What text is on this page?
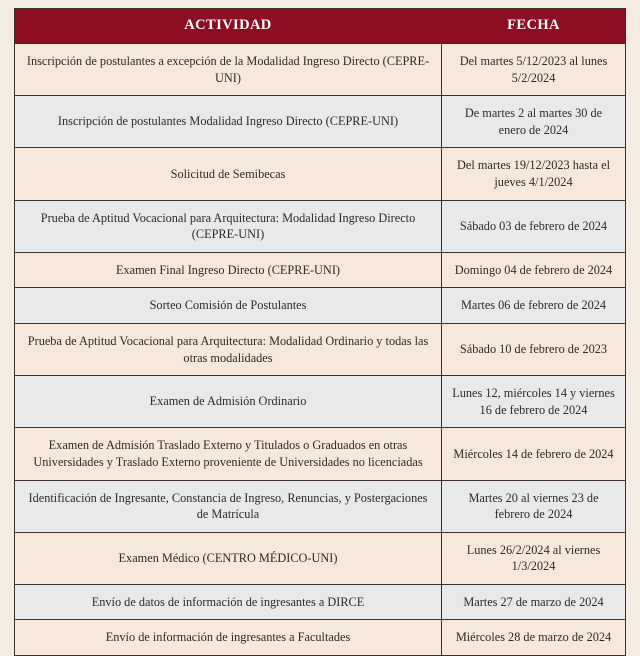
ACTIVIDAD	FECHA
Inscripción de postulantes a excepción de la Modalidad Ingreso Directo (CEPRE-UNI)	Del martes 5/12/2023 al lunes 5/2/2024
Inscripción de postulantes Modalidad Ingreso Directo (CEPRE-UNI)	De martes 2 al martes 30 de enero de 2024
Solicitud de Semibecas	Del martes 19/12/2023 hasta el jueves 4/1/2024
Prueba de Aptitud Vocacional para Arquitectura: Modalidad Ingreso Directo (CEPRE-UNI)	Sábado 03 de febrero de 2024
Examen Final Ingreso Directo (CEPRE-UNI)	Domingo 04 de febrero de 2024
Sorteo Comisión de Postulantes	Martes 06 de febrero de 2024
Prueba de Aptitud Vocacional para Arquitectura: Modalidad Ordinario y todas las otras modalidades	Sábado 10 de febrero de 2023
Examen de Admisión Ordinario	Lunes 12, miércoles 14 y viernes 16 de febrero de 2024
Examen de Admisión Traslado Externo y Titulados o Graduados en otras Universidades y Traslado Externo proveniente de Universidades no licenciadas	Miércoles 14 de febrero de 2024
Identificación de Ingresante, Constancia de Ingreso, Renuncias, y Postergaciones de Matrícula	Martes 20 al viernes 23 de febrero de 2024
Examen Médico (CENTRO MÉDICO-UNI)	Lunes 26/2/2024 al viernes 1/3/2024
Envío de datos de información de ingresantes a DIRCE	Martes 27 de marzo de 2024
Envío de información de ingresantes a Facultades	Miércoles 28 de marzo de 2024
